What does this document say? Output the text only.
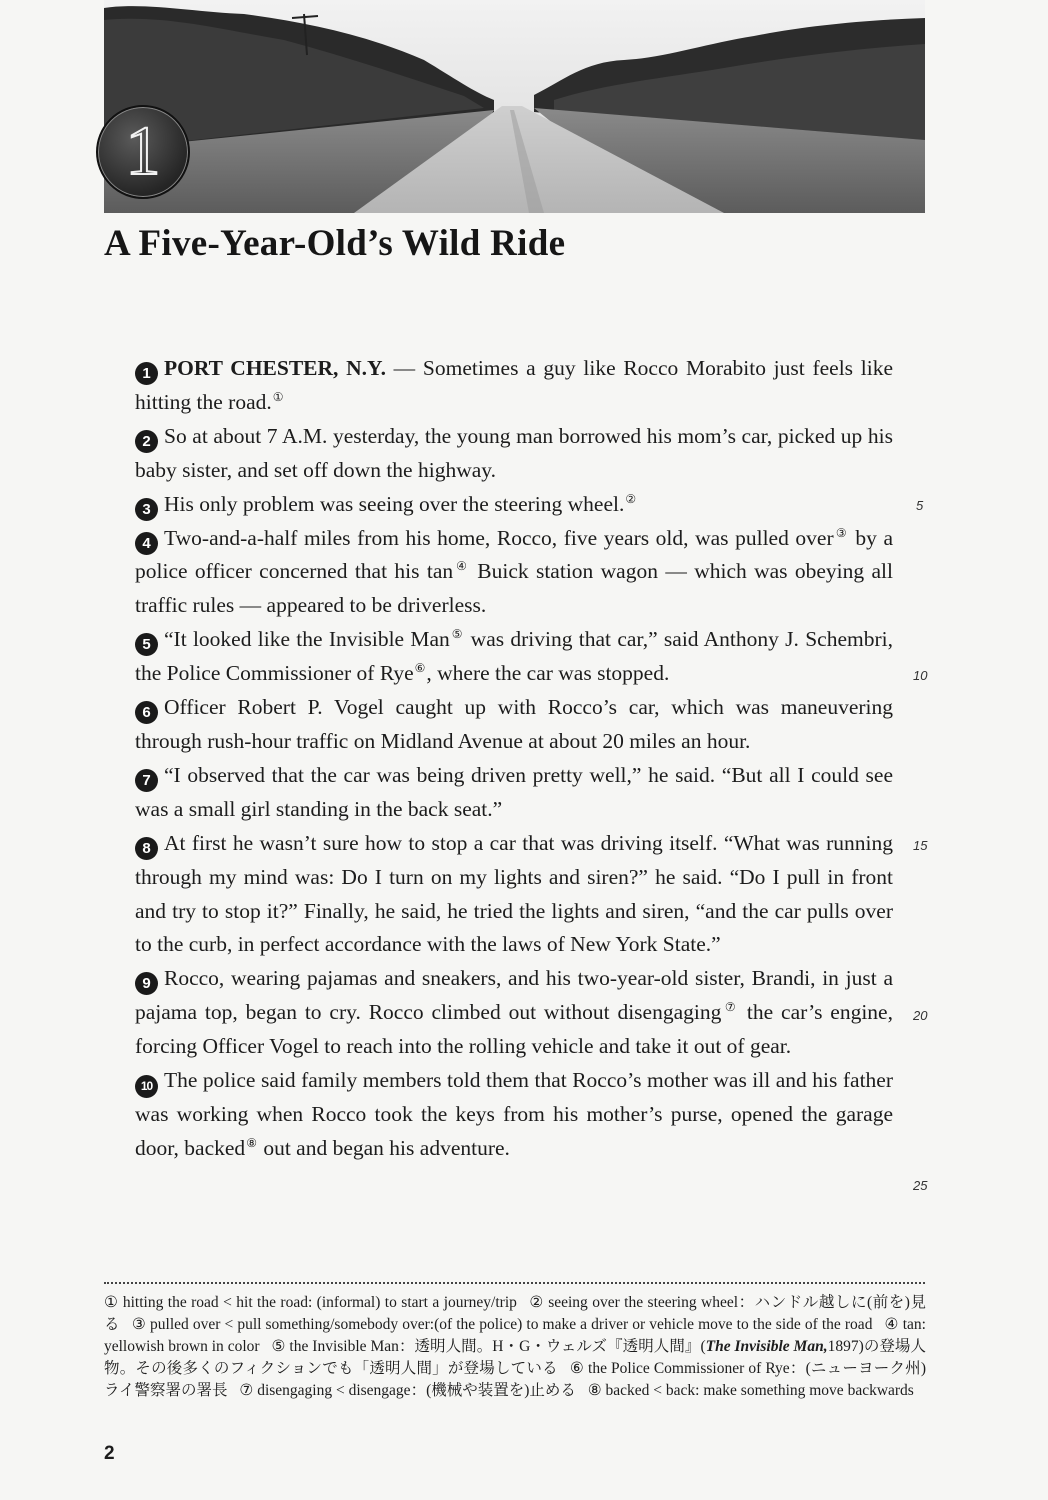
1
A Five-Year-Old’s Wild Ride

1 PORT CHESTER, N.Y. — Sometimes a guy like Rocco Morabito just feels like hitting the road.①

2 So at about 7 A.M. yesterday, the young man borrowed his mom’s car, picked up his baby sister, and set off down the highway.

3 His only problem was seeing over the steering wheel.②

4 Two-and-a-half miles from his home, Rocco, five years old, was pulled over③ by a police officer concerned that his tan④ Buick station wagon — which was obeying all traffic rules — appeared to be driverless.

5 “It looked like the Invisible Man⑤ was driving that car,” said Anthony J. Schembri, the Police Commissioner of Rye⑥, where the car was stopped.

6 Officer Robert P. Vogel caught up with Rocco’s car, which was maneuvering through rush-hour traffic on Midland Avenue at about 20 miles an hour.

7 “I observed that the car was being driven pretty well,” he said. “But all I could see was a small girl standing in the back seat.”

8 At first he wasn’t sure how to stop a car that was driving itself. “What was running through my mind was: Do I turn on my lights and siren?” he said. “Do I pull in front and try to stop it?” Finally, he said, he tried the lights and siren, “and the car pulls over to the curb, in perfect accordance with the laws of New York State.”

9 Rocco, wearing pajamas and sneakers, and his two-year-old sister, Brandi, in just a pajama top, began to cry. Rocco climbed out without disengaging⑦ the car’s engine, forcing Officer Vogel to reach into the rolling vehicle and take it out of gear.

10 The police said family members told them that Rocco’s mother was ill and his father was working when Rocco took the keys from his mother’s purse, opened the garage door, backed⑧ out and began his adventure.

5
10
15
20
25
① hitting the road < hit the road: (informal) to start a journey/trip ② seeing over the steering wheel：ハンドル越しに(前を)見る ③ pulled over < pull something/somebody over:(of the police) to make a driver or vehicle move to the side of the road ④ tan: yellowish brown in color ⑤ the Invisible Man：透明人間。H・G・ウェルズ『透明人間』(The Invisible Man,1897)の登場人物。その後多くのフィクションでも「透明人間」が登場している ⑥ the Police Commissioner of Rye：(ニューヨーク州)ライ警察署の署長 ⑦ disengaging < disengage：(機械や装置を)止める ⑧ backed < back: make something move backwards
2
